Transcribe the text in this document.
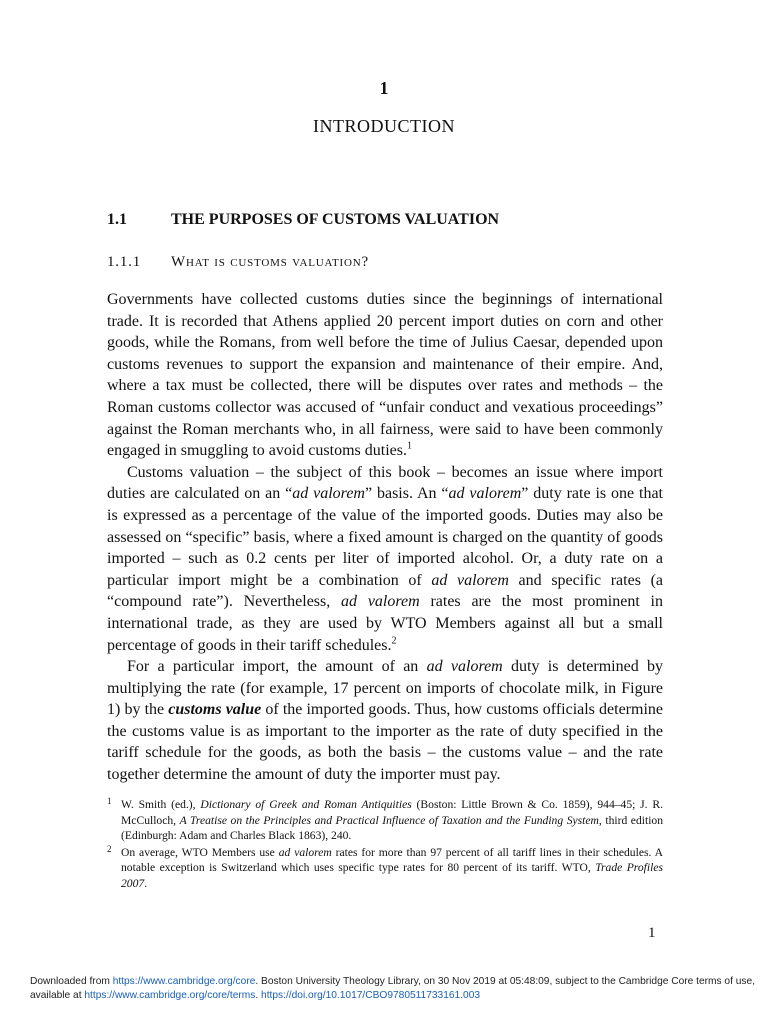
1
INTRODUCTION
1.1	THE PURPOSES OF CUSTOMS VALUATION
1.1.1 What is customs valuation?

Governments have collected customs duties since the beginnings of international trade. It is recorded that Athens applied 20 percent import duties on corn and other goods, while the Romans, from well before the time of Julius Caesar, depended upon customs revenues to support the expansion and maintenance of their empire. And, where a tax must be collected, there will be disputes over rates and methods – the Roman customs collector was accused of “unfair conduct and vexatious proceedings” against the Roman merchants who, in all fairness, were said to have been commonly engaged in smuggling to avoid customs duties.$^1$

Customs valuation – the subject of this book – becomes an issue where import duties are calculated on an “ad valorem” basis. An “ad valorem” duty rate is one that is expressed as a percentage of the value of the imported goods. Duties may also be assessed on “specific” basis, where a fixed amount is charged on the quantity of goods imported – such as 0.2 cents per liter of imported alcohol. Or, a duty rate on a particular import might be a combination of ad valorem and specific rates (a “compound rate”). Nevertheless, ad valorem rates are the most prominent in international trade, as they are used by WTO Members against all but a small percentage of goods in their tariff schedules.$^2$

For a particular import, the amount of an ad valorem duty is determined by multiplying the rate (for example, 17 percent on imports of chocolate milk, in Figure 1) by the customs value of the imported goods. Thus, how customs officials determine the customs value is as important to the importer as the rate of duty specified in the tariff schedule for the goods, as both the basis – the customs value – and the rate together determine the amount of duty the importer must pay.

1 W. Smith (ed.), Dictionary of Greek and Roman Antiquities (Boston: Little Brown & Co. 1859), 944–45; J. R. McCulloch, A Treatise on the Principles and Practical Influence of Taxation and the Funding System, third edition (Edinburgh: Adam and Charles Black 1863), 240.
2 On average, WTO Members use ad valorem rates for more than 97 percent of all tariff lines in their schedules. A notable exception is Switzerland which uses specific type rates for 80 percent of its tariff. WTO, Trade Profiles 2007.
1
Downloaded from https://www.cambridge.org/core. Boston University Theology Library, on 30 Nov 2019 at 05:48:09, subject to the Cambridge Core terms of use, available at https://www.cambridge.org/core/terms. https://doi.org/10.1017/CBO9780511733161.003
